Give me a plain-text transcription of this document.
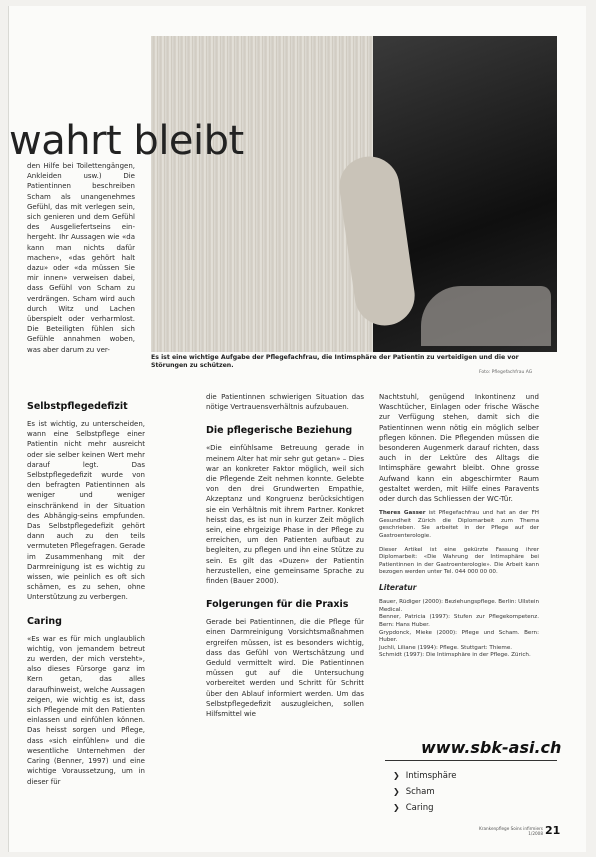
wahrt bleibt
Es ist eine wichtige Aufgabe der Pflegefachfrau, die Intimsphäre der Patientin zu verteidigen und die vor Störungen zu schützen.
Foto: Pflegefachfrau AG

den Hilfe bei Toilettengängen, Ankleiden usw.) Die Patientinnen beschreiben Scham als unangenehmes Gefühl, das mit verlegen sein, sich genieren und dem Gefühl des Ausgeliefertseins einhergeht. Ihr Aussagen wie «da kann man nichts dafür machen», «das gehört halt dazu» oder «da müssen Sie mir innen» verweisen dabei, dass Gefühl von Scham zu verdrängen. Scham wird auch durch Witz und Lachen überspielt oder verharmlost. Die Beteiligten fühlen sich Gefühle annahmen woben, was aber darum zu ver-

Selbstpflegedefizit

Es ist wichtig, zu unterscheiden, wann eine Selbstpflege einer Patientin nicht mehr ausreicht oder sie selber keinen Wert mehr darauf legt. Das Selbstpflegedefizit wurde von den befragten Patientinnen als weniger und weniger einschränkend in der Situation des Abhängig-seins empfunden. Das Selbstpflegedefizit gehört dann auch zu den teils vermuteten Pflegefragen. Gerade im Zusammenhang mit der Darmreinigung ist es wichtig zu wissen, wie peinlich es oft sich schämen, es zu sehen, ohne Unterstützung zu verbergen.

Caring

«Es war es für mich unglaublich wichtig, von jemandem betreut zu werden, der mich versteht», also dieses Fürsorge ganz im Kern getan, das alles daraufhinweist, welche Aussagen zeigen, wie wichtig es ist, dass sich Pflegende mit den Patienten einlassen und einfühlen können. Das heisst sorgen und Pflege, dass «sich einfühlen» und die wesentliche Unternehmen der Caring (Benner, 1997) und eine wichtige Voraussetzung, um in dieser für

die Patientinnen schwierigen Situation das nötige Vertrauensverhältnis aufzubauen.

Die pflegerische Beziehung

«Die einfühlsame Betreuung gerade in meinem Alter hat mir sehr gut getan» – Dies war an konkreter Faktor möglich, weil sich die Pflegende Zeit nehmen konnte. Gelebte von den drei Grundwerten Empathie, Akzeptanz und Kongruenz berücksichtigen sie ein Verhältnis mit ihrem Partner. Konkret heisst das, es ist nun in kurzer Zeit möglich sein, eine ehrgeizige Phase in der Pflege zu erreichen, um den Patienten aufbaut zu begleiten, zu pflegen und ihn eine Stütze zu sein. Es gilt das «Duzen» der Patientin herzustellen, eine gemeinsame Sprache zu finden (Bauer 2000).

Folgerungen für die Praxis

Gerade bei Patientinnen, die die Pflege für einen Darmreinigung Vorsichtsmaßnahmen ergreifen müssen, ist es besonders wichtig, dass das Gefühl von Wertschätzung und Geduld vermittelt wird. Die Patientinnen müssen gut auf die Untersuchung vorbereitet werden und Schritt für Schritt über den Ablauf informiert werden. Um das Selbstpflegedefizit auszugleichen, sollen Hilfsmittel wie

Nachtstuhl, genügend Inkontinenz und Waschtücher, Einlagen oder frische Wäsche zur Verfügung stehen, damit sich die Patientinnen wenn nötig ein möglich selber pflegen können. Die Pflegenden müssen die besonderen Augenmerk darauf richten, dass auch in der Lektüre des Alltags die Intimsphäre gewahrt bleibt. Ohne grosse Aufwand kann ein abgeschirmter Raum gestaltet werden, mit Hilfe eines Paravents oder durch das Schliessen der WC-Tür.

Theres Gasser ist Pflegefachfrau und hat an der FH Gesundheit Zürich die Diplomarbeit zum Thema geschrieben. Sie arbeitet in der Pflege auf der Gastroenterologie.
Dieser Artikel ist eine gekürzte Fassung ihrer Diplomarbeit: «Die Wahrung der Intimsphäre bei Patientinnen in der Gastroenterologie». Die Arbeit kann bezogen werden unter Tel. 044 000 00 00.
Literatur
Bauer, Rüdiger (2000): Beziehungspflege. Berlin: Ullstein Medical.
Benner, Patricia (1997): Stufen zur Pflegekompetenz. Bern: Hans Huber.
Grypdonck, Mieke (2000): Pflege und Scham. Bern: Huber.
Juchli, Liliane (1994): Pflege. Stuttgart: Thieme.
Schmidt (1997): Die Intimsphäre in der Pflege. Zürich.
www.sbk-asi.ch
❯ Intimsphäre
❯ Scham
❯ Caring
Krankenpflege Soins infirmiers 1/2008 21
